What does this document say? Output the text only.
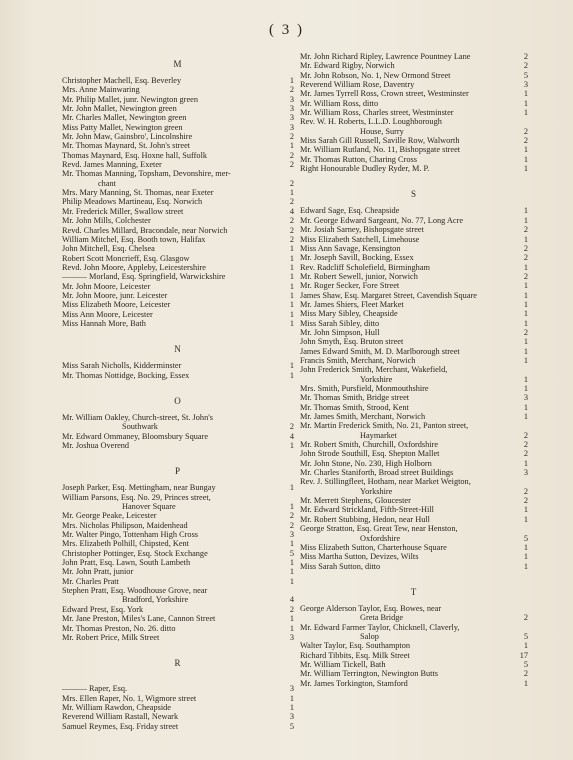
( 3 )
M
Christopher Machell, Esq. Beverley	1
Mrs. Anne Mainwaring	2
Mr. Philip Mallet, junr. Newington green	3
Mr. John Mallet, Newington green	3
Mr. Charles Mallet, Newington green	3
Miss Patty Mallet, Newington green	3
Mr. John Maw, Gainsbro', Lincolnshire	2
Mr. Thomas Maynard, St. John's street	1
Thomas Maynard, Esq. Hoxne hall, Suffolk	2
Revd. James Manning, Exeter	2
Mr. Thomas Manning, Topsham, Devonshire, mer-
chant	2
Mrs. Mary Manning, St. Thomas, near Exeter	1
Philip Meadows Martineau, Esq. Norwich	2
Mr. Frederick Miller, Swallow street	4
Mr. John Mills, Colchester	2
Revd. Charles Millard, Bracondale, near Norwich	2
William Mitchel, Esq. Booth town, Halifax	2
John Mitchell, Esq. Chelsea	1
Robert Scott Moncrieff, Esq. Glasgow	1
Revd. John Moore, Appleby, Leicestershire	1
——— Morland, Esq. Springfield, Warwickshire	1
Mr. John Moore, Leicester	1
Mr. John Moore, junr. Leicester	1
Miss Elizabeth Moore, Leicester	1
Miss Ann Moore, Leicester	1
Miss Hannah More, Bath	1
N
Miss Sarah Nicholls, Kidderminster	1
Mr. Thomas Nottidge, Bocking, Essex	1
O
Mr. William Oakley, Church-street, St. John's
Southwark	2
Mr. Edward Ommaney, Bloomsbury Square	4
Mr. Joshua Overend	1
P
Joseph Parker, Esq. Mettingham, near Bungay	1
William Parsons, Esq. No. 29, Princes street,
Hanover Square	1
Mr. George Peake, Leicester	2
Mrs. Nicholas Philipson, Maidenhead	2
Mr. Walter Pingo, Tottenham High Cross	3
Mrs. Elizabeth Polhill, Chipsted, Kent	1
Christopher Pottinger, Esq. Stock Exchange	5
John Pratt, Esq. Lawn, South Lambeth	1
Mr. John Pratt, junior	1
Mr. Charles Pratt	1
Stephen Pratt, Esq. Woodhouse Grove, near
Bradford, Yorkshire	4
Edward Prest, Esq. York	2
Mr. Jane Preston, Miles's Lane, Cannon Street	1
Mr. Thomas Preston, No. 26. ditto	1
Mr. Robert Price, Milk Street	3
R
——— Raper, Esq.	3
Mrs. Ellen Raper, No. 1, Wigmore street	1
Mr. William Rawdon, Cheapside	1
Reverend William Rastall, Newark	3
Samuel Reymes, Esq. Friday street	5
Mr. John Richard Ripley, Lawrence Pountney Lane	2
Mr. Edward Rigby, Norwich	2
Mr. John Robson, No. 1, New Ormond Street	5
Reverend William Rose, Daventry	3
Mr. James Tyrrell Ross, Crown street, Westminster	1
Mr. William Ross, ditto	1
Mr. William Ross, Charles street, Westminster	1
Rev. W. H. Roberts, L.L.D. Loughborough
House, Surry	2
Miss Sarah Gill Russell, Saville Row, Walworth	2
Mr. William Rutland, No. 11, Bishopsgate street	1
Mr. Thomas Rutton, Charing Cross	1
Right Honourable Dudley Ryder, M. P.	1
S
Edward Sage, Esq. Cheapside	1
Mr. George Edward Sargeant, No. 77, Long Acre	1
Mr. Josiah Sarney, Bishopsgate street	2
Miss Elizabeth Satchell, Limehouse	1
Miss Ann Savage, Kensington	2
Mr. Joseph Savill, Bocking, Essex	2
Rev. Radcliff Scholefield, Birmingham	1
Mr. Robert Sewell, junior, Norwich	2
Mr. Roger Secker, Fore Street	1
James Shaw, Esq. Margaret Street, Cavendish Square	1
Mr. James Shiers, Fleet Market	1
Miss Mary Sibley, Cheapside	1
Miss Sarah Sibley, ditto	1
Mr. John Simpson, Hull	2
John Smyth, Esq. Bruton street	1
James Edward Smith, M. D. Marlborough street	1
Francis Smith, Merchant, Norwich	1
John Frederick Smith, Merchant, Wakefield,
Yorkshire	1
Mrs. Smith, Pursfield, Monmouthshire	1
Mr. Thomas Smith, Bridge street	3
Mr. Thomas Smith, Strood, Kent	1
Mr. James Smith, Merchant, Norwich	1
Mr. Martin Frederick Smith, No. 21, Panton street,
Haymarket	2
Mr. Robert Smith, Churchill, Oxfordshire	2
John Strode Southill, Esq. Shepton Mallet	2
Mr. John Stone, No. 230, High Holborn	1
Mr. Charles Staniforth, Broad street Buildings	3
Rev. J. Stillingfleet, Hotham, near Market Weigton,
Yorkshire	2
Mr. Merrett Stephens, Gloucester	2
Mr. Edward Strickland, Fifth-Street-Hill	1
Mr. Robert Stubbing, Hedon, near Hull	1
George Stratton, Esq. Great Tew, near Henston,
Oxfordshire	5
Miss Elizabeth Sutton, Charterhouse Square	1
Miss Martha Sutton, Devizes, Wilts	1
Miss Sarah Sutton, ditto	1
T
George Alderson Taylor, Esq. Bowes, near
Greta Bridge	2
Mr. Edward Farmer Taylor, Chicknell, Claverly,
Salop	5
Walter Taylor, Esq. Southampton	1
Richard Tibbits, Esq. Milk Street	17
Mr. William Tickell, Bath	5
Mr. William Terrington, Newington Butts	2
Mr. James Torkington, Stamford	1
